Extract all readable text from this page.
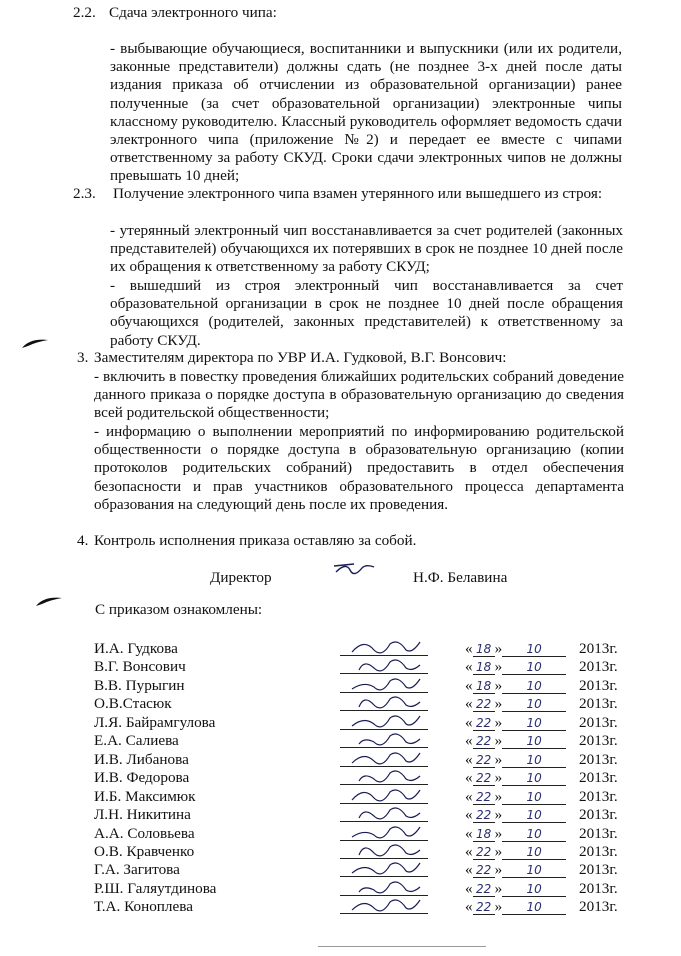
2.2. Сдача электронного чипа:

- выбывающие обучающиеся, воспитанники и выпускники (или их родители, законные представители) должны сдать (не позднее 3-х дней после даты издания приказа об отчислении из образовательной организации) ранее полученные (за счет образовательной организации) электронные чипы классному руководителю. Классный руководитель оформляет ведомость сдачи электронного чипа (приложение №2) и передает ее вместе с чипами ответственному за работу СКУД. Сроки сдачи электронных чипов не должны превышать 10 дней;

2.3. Получение электронного чипа взамен утерянного или вышедшего из строя:

- утерянный электронный чип восстанавливается за счет родителей (законных представителей) обучающихся их потерявших в срок не позднее 10 дней после их обращения к ответственному за работу СКУД;

- вышедший из строя электронный чип восстанавливается за счет образовательной организации в срок не позднее 10 дней после обращения обучающихся (родителей, законных представителей) к ответственному за работу СКУД.

3. Заместителям директора по УВР И.А. Гудковой, В.Г. Вонсович:

- включить в повестку проведения ближайших родительских собраний доведение данного приказа о порядке доступа в образовательную организацию до сведения всей родительской общественности;

- информацию о выполнении мероприятий по информированию родительской общественности о порядке доступа в образовательную организацию (копии протоколов родительских собраний) предоставить в отдел обеспечения безопасности и прав участников образовательного процесса департамента образования на следующий день после их проведения.

4. Контроль исполнения приказа оставляю за собой.
Директор	Н.Ф. Белавина
С приказом ознакомлены:
И.А. Гудкова	« 18 » 10 2013г.
В.Г. Вонсович	« 18 » 10 2013г.
В.В. Пурыгин	« 18 » 10 2013г.
О.В.Стасюк	« 22 » 10 2013г.
Л.Я. Байрамгулова	« 22 » 10 2013г.
Е.А. Салиева	« 22 » 10 2013г.
И.В. Либанова	« 22 » 10 2013г.
И.В. Федорова	« 22 » 10 2013г.
И.Б. Максимюк	« 22 » 10 2013г.
Л.Н. Никитина	« 22 » 10 2013г.
А.А. Соловьева	« 18 » 10 2013г.
О.В. Кравченко	« 22 » 10 2013г.
Г.А. Загитова	« 22 » 10 2013г.
Р.Ш. Галяутдинова	« 22 » 10 2013г.
Т.А. Коноплева	« 22 » 10 2013г.
